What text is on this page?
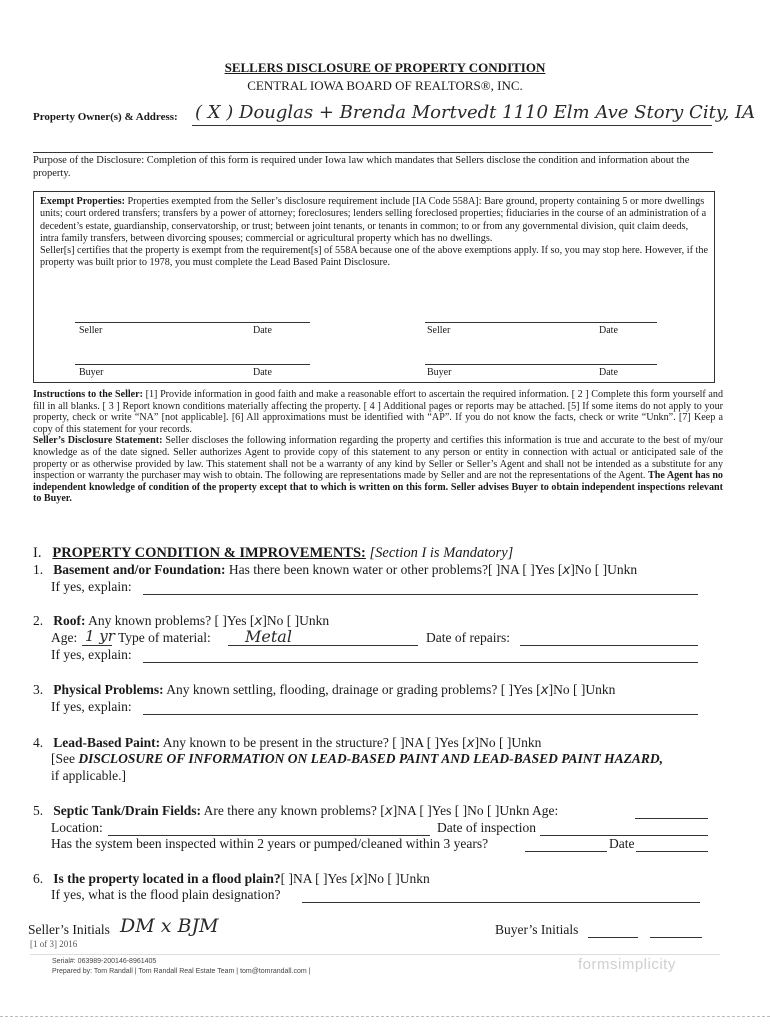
SELLERS DISCLOSURE OF PROPERTY CONDITION
CENTRAL IOWA BOARD OF REALTORS®, INC.
Property Owner(s) & Address: ( X ) Douglas + Brenda Mortvedt 1110 Elm Ave Story City, IA
Purpose of the Disclosure: Completion of this form is required under Iowa law which mandates that Sellers disclose the condition and information about the property.
Exempt Properties: Properties exempted from the Seller’s disclosure requirement include [IA Code 558A]: Bare ground, property containing 5 or more dwellings units; court ordered transfers; transfers by a power of attorney; foreclosures; lenders selling foreclosed properties; fiduciaries in the course of an administration of a decedent’s estate, guardianship, conservatorship, or trust; between joint tenants, or tenants in common; to or from any governmental division, quit claim deeds, intra family transfers, between divorcing spouses; commercial or agricultural property which has no dwellings.
Seller[s] certifies that the property is exempt from the requirement[s] of 558A because one of the above exemptions apply. If so, you may stop here. However, if the property was built prior to 1978, you must complete the Lead Based Paint Disclosure.
Seller	Date	Seller	Date
Buyer	Date	Buyer	Date
Instructions to the Seller: [1] Provide information in good faith and make a reasonable effort to ascertain the required information. [ 2 ] Complete this form yourself and fill in all blanks. [ 3 ] Report known conditions materially affecting the property. [ 4 ] Additional pages or reports may be attached. [5] If some items do not apply to your property, check or write “NA” [not applicable]. [6] All approximations must be identified with “AP”. If you do not know the facts, check or write “Unkn”. [7] Keep a copy of this statement for your records.
Seller’s Disclosure Statement: Seller discloses the following information regarding the property and certifies this information is true and accurate to the best of my/our knowledge as of the date signed. Seller authorizes Agent to provide copy of this statement to any person or entity in connection with actual or anticipated sale of the property or as otherwise provided by law. This statement shall not be a warranty of any kind by Seller or Seller’s Agent and shall not be intended as a substitute for any inspection or warranty the purchaser may wish to obtain. The following are representations made by Seller and are not the representations of the Agent. The Agent has no independent knowledge of condition of the property except that to which is written on this form. Seller advises Buyer to obtain independent inspections relevant to Buyer.
I. PROPERTY CONDITION & IMPROVEMENTS: [Section I is Mandatory]
1. Basement and/or Foundation: Has there been known water or other problems?[ ]NA [ ]Yes [x]No [ ]Unkn
If yes, explain:
2. Roof: Any known problems? [ ]Yes [x]No [ ]Unkn
Age: 1 yr Type of material: Metal	Date of repairs:
If yes, explain:
3. Physical Problems: Any known settling, flooding, drainage or grading problems? [ ]Yes [x]No [ ]Unkn
If yes, explain:
4. Lead-Based Paint: Any known to be present in the structure? [ ]NA [ ]Yes [x]No [ ]Unkn
[See DISCLOSURE OF INFORMATION ON LEAD-BASED PAINT AND LEAD-BASED PAINT HAZARD,
if applicable.]
5. Septic Tank/Drain Fields: Are there any known problems? [x]NA [ ]Yes [ ]No [ ]Unkn Age:
Location:	Date of inspection
Has the system been inspected within 2 years or pumped/cleaned within 3 years?	Date
6. Is the property located in a flood plain?[ ]NA [ ]Yes [x]No [ ]Unkn
If yes, what is the flood plain designation?
Seller’s Initials DM x BJM	Buyer’s Initials
[1 of 3] 2016
Serial#: 063989-200146-8961405
Prepared by: Tom Randall | Tom Randall Real Estate Team | tom@tomrandall.com |	formsimplicity
